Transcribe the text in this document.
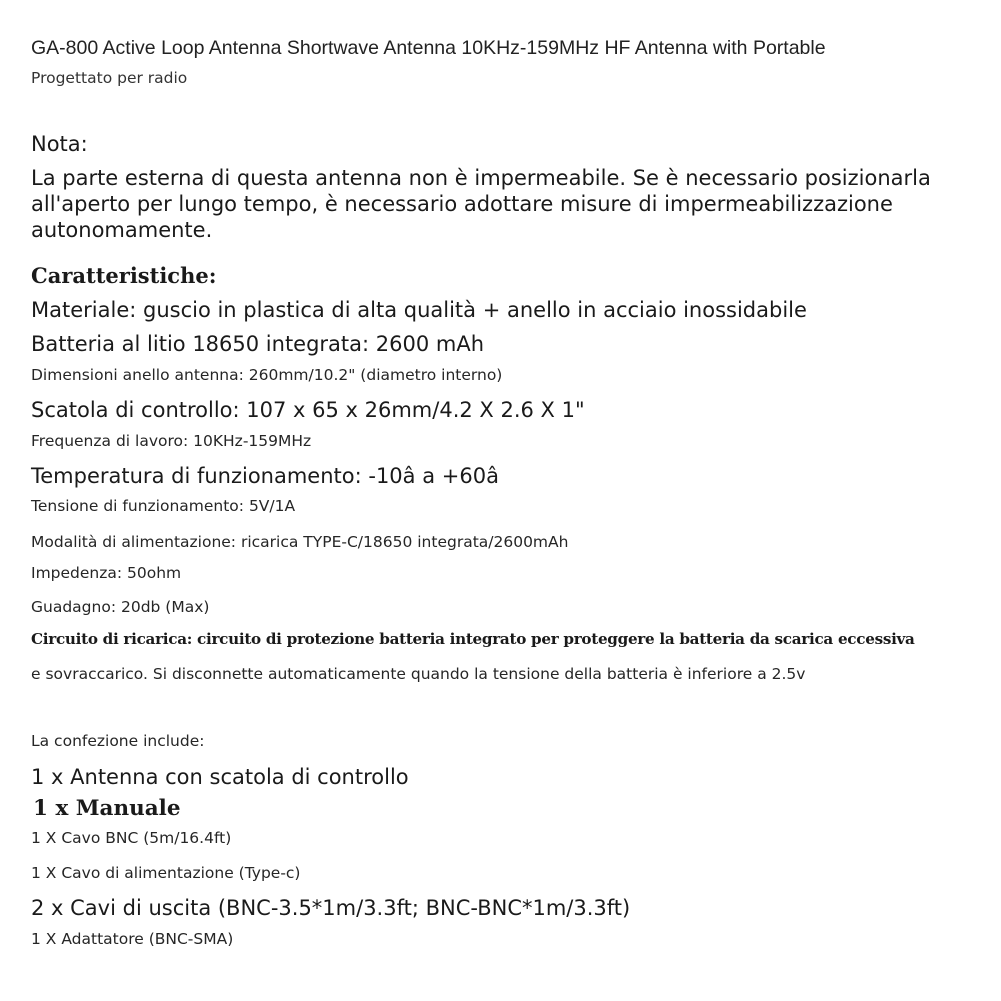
GA-800 Active Loop Antenna Shortwave Antenna 10KHz-159MHz HF Antenna with Portable

Progettato per radio

Nota:

La parte esterna di questa antenna non è impermeabile. Se è necessario posizionarla

all'aperto per lungo tempo, è necessario adottare misure di impermeabilizzazione

autonomamente.

Caratteristiche:

Materiale: guscio in plastica di alta qualità + anello in acciaio inossidabile

Batteria al litio 18650 integrata: 2600 mAh

Dimensioni anello antenna: 260mm/10.2" (diametro interno)

Scatola di controllo: 107 x 65 x 26mm/4.2 X 2.6 X 1"

Frequenza di lavoro: 10KHz-159MHz

Temperatura di funzionamento: -10â a +60â

Tensione di funzionamento: 5V/1A

Modalità di alimentazione: ricarica TYPE-C/18650 integrata/2600mAh

Impedenza: 50ohm

Guadagno: 20db (Max)

Circuito di ricarica: circuito di protezione batteria integrato per proteggere la batteria da scarica eccessiva

e sovraccarico. Si disconnette automaticamente quando la tensione della batteria è inferiore a 2.5v

La confezione include:

1 x Antenna con scatola di controllo

1 x Manuale

1 X Cavo BNC (5m/16.4ft)

1 X Cavo di alimentazione (Type-c)

2 x Cavi di uscita (BNC-3.5*1m/3.3ft; BNC-BNC*1m/3.3ft)

1 X Adattatore (BNC-SMA)
